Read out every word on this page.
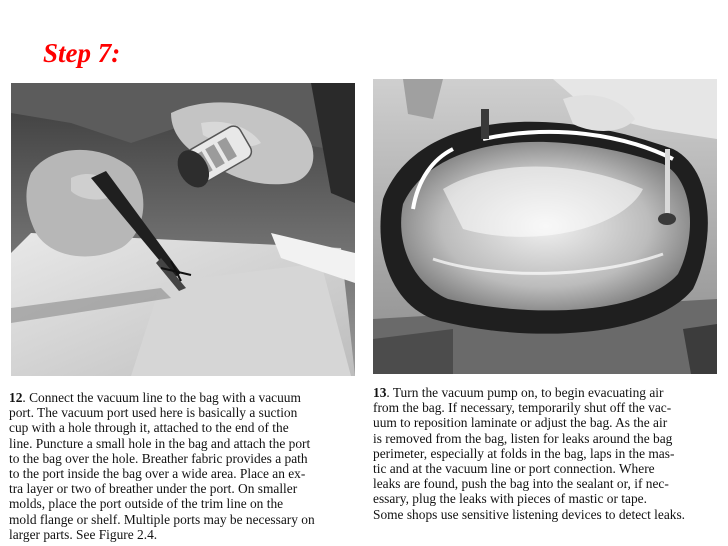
Step 7:

12. Connect the vacuum line to the bag with a vacuum
port. The vacuum port used here is basically a suction
cup with a hole through it, attached to the end of the
line. Puncture a small hole in the bag and attach the port
to the bag over the hole. Breather fabric provides a path
to the port inside the bag over a wide area. Place an ex-
tra layer or two of breather under the port. On smaller
molds, place the port outside of the trim line on the
mold flange or shelf. Multiple ports may be necessary on
larger parts. See Figure 2.4.

13. Turn the vacuum pump on, to begin evacuating air
from the bag. If necessary, temporarily shut off the vac-
uum to reposition laminate or adjust the bag. As the air
is removed from the bag, listen for leaks around the bag
perimeter, especially at folds in the bag, laps in the mas-
tic and at the vacuum line or port connection. Where
leaks are found, push the bag into the sealant or, if nec-
essary, plug the leaks with pieces of mastic or tape.
Some shops use sensitive listening devices to detect leaks.
